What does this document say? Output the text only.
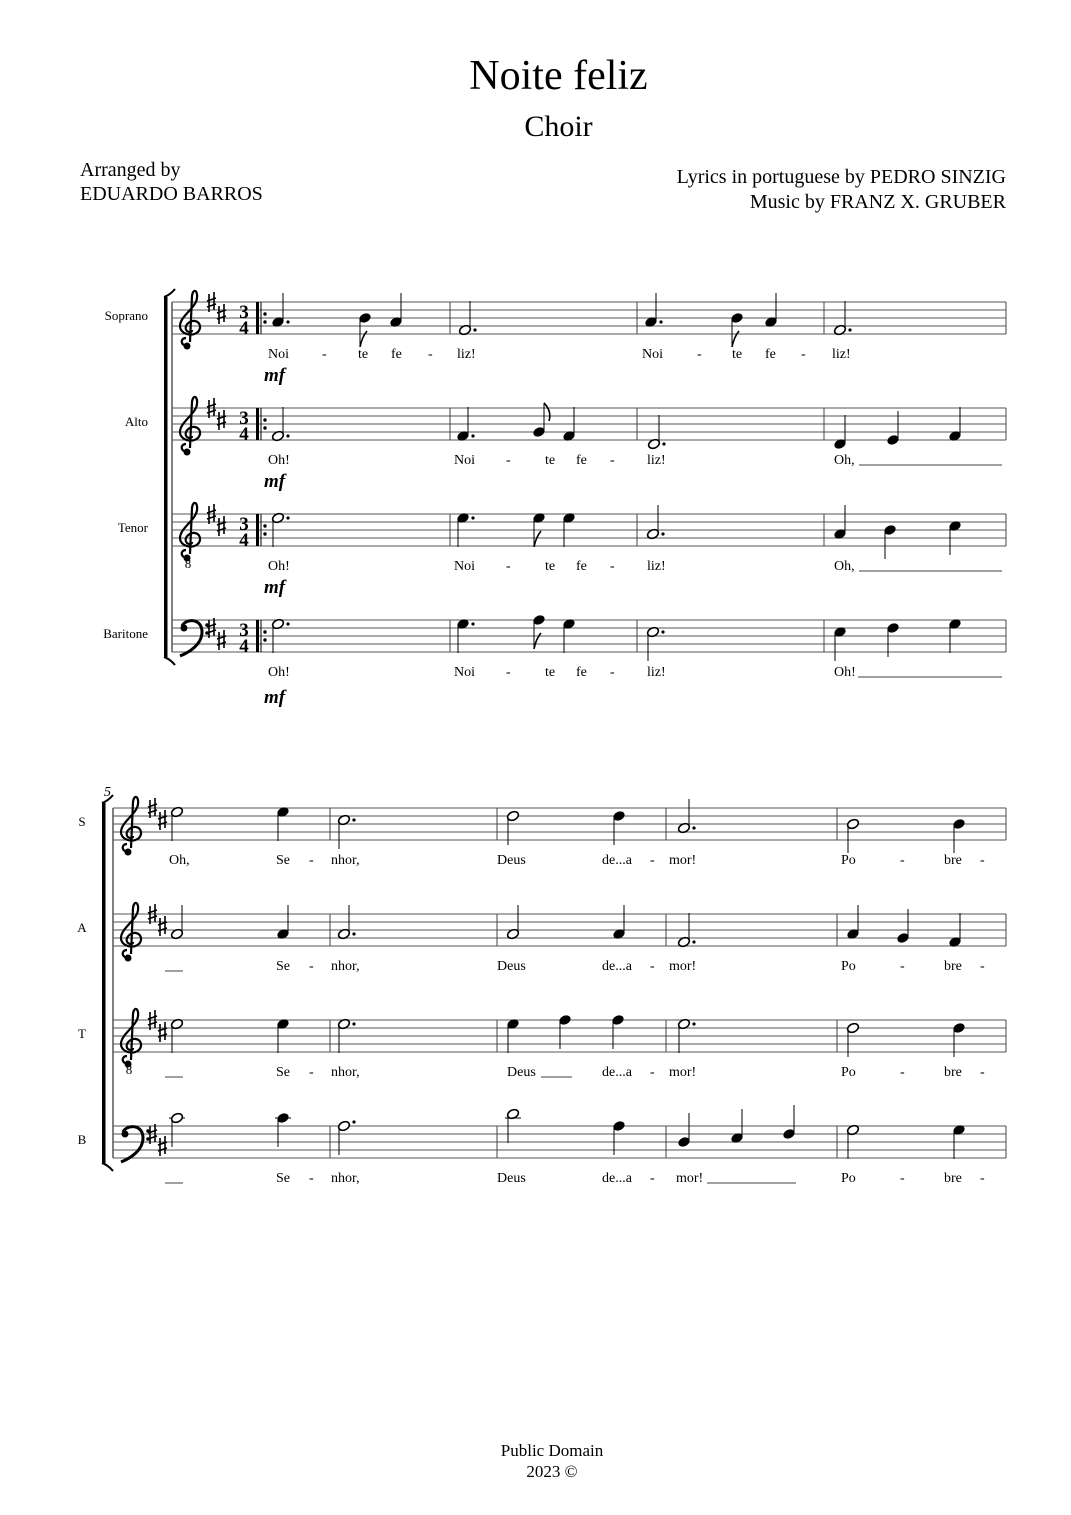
Noite feliz
Choir
Arranged by
EDUARDO BARROS
Lyrics in portuguese by PEDRO SINZIG
Music by FRANZ X. GRUBER
Soprano	3
4
Noi - te fe - liz!	Noi - te fe - liz!
mf
Alto	3
4
Oh!	Noi - te fe - liz!	Oh,
mf
Tenor
8
3
4
Oh!	Noi - te fe - liz!	Oh,
mf
Baritone	3
4
Oh!	Noi - te fe - liz!	Oh!
mf
5
S
Oh,	Se - nhor,	Deus	de...a - mor!	Po	-	bre -
A
Se - nhor,	Deus	de...a - mor!	Po	-	bre -
T
8	Se - nhor,	Deus	de...a - mor!	Po	-	bre -
B
Se - nhor,	Deus	de...a - mor!	Po	-	bre -
Public Domain
2023 ©
